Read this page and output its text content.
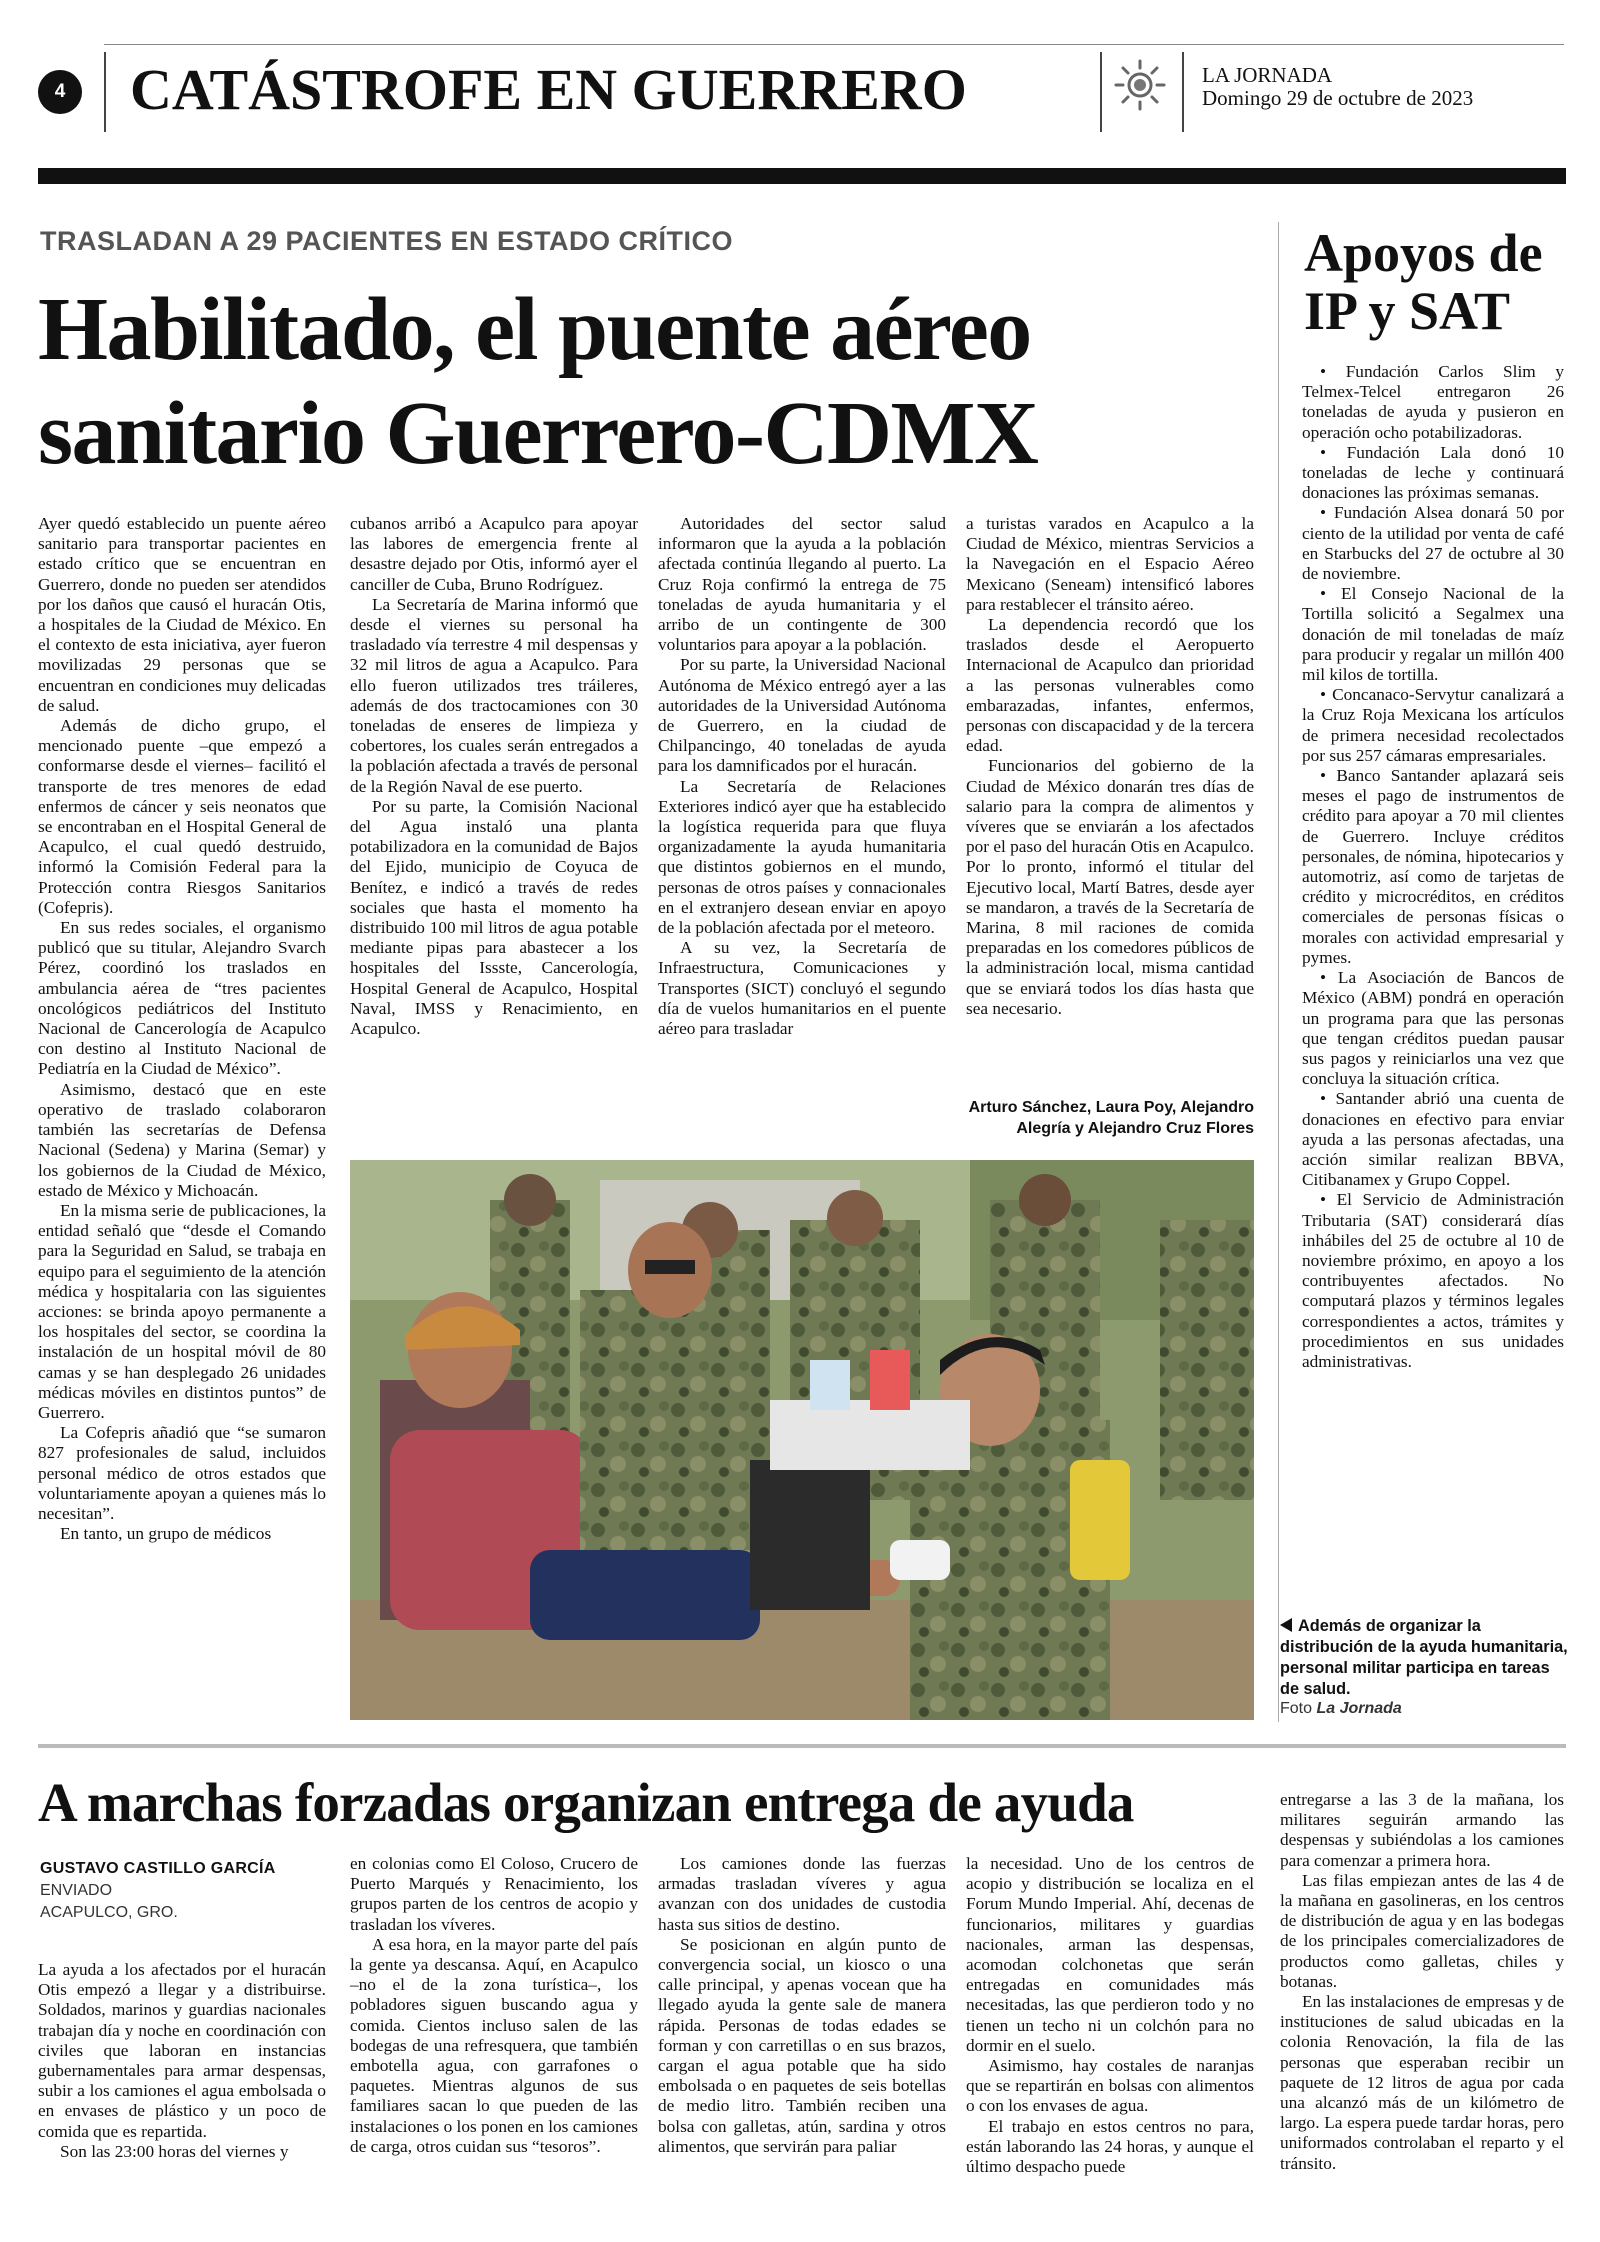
4 CATÁSTROFE EN GUERRERO	LA JORNADA
Domingo 29 de octubre de 2023
TRASLADAN A 29 PACIENTES EN ESTADO CRÍTICO
Habilitado, el puente aéreo sanitario Guerrero-CDMX

Ayer quedó establecido un puente aéreo sanitario para transportar pacientes en estado crítico que se encuentran en Guerrero, donde no pueden ser atendidos por los daños que causó el huracán Otis, a hospitales de la Ciudad de México. En el contexto de esta iniciativa, ayer fueron movilizadas 29 personas que se encuentran en condiciones muy delicadas de salud.

Además de dicho grupo, el mencionado puente –que empezó a conformarse desde el viernes– facilitó el transporte de tres menores de edad enfermos de cáncer y seis neonatos que se encontraban en el Hospital General de Acapulco, el cual quedó destruido, informó la Comisión Federal para la Protección contra Riesgos Sanitarios (Cofepris).

En sus redes sociales, el organismo publicó que su titular, Alejandro Svarch Pérez, coordinó los traslados en ambulancia aérea de “tres pacientes oncológicos pediátricos del Instituto Nacional de Cancerología de Acapulco con destino al Instituto Nacional de Pediatría en la Ciudad de México”.

Asimismo, destacó que en este operativo de traslado colaboraron también las secretarías de Defensa Nacional (Sedena) y Marina (Semar) y los gobiernos de la Ciudad de México, estado de México y Michoacán.

En la misma serie de publicaciones, la entidad señaló que “desde el Comando para la Seguridad en Salud, se trabaja en equipo para el seguimiento de la atención médica y hospitalaria con las siguientes acciones: se brinda apoyo permanente a los hospitales del sector, se coordina la instalación de un hospital móvil de 80 camas y se han desplegado 26 unidades médicas móviles en distintos puntos” de Guerrero.

La Cofepris añadió que “se sumaron 827 profesionales de salud, incluidos personal médico de otros estados que voluntariamente apoyan a quienes más lo necesitan”.

En tanto, un grupo de médicos

cubanos arribó a Acapulco para apoyar las labores de emergencia frente al desastre dejado por Otis, informó ayer el canciller de Cuba, Bruno Rodríguez.

La Secretaría de Marina informó que desde el viernes su personal ha trasladado vía terrestre 4 mil despensas y 32 mil litros de agua a Acapulco. Para ello fueron utilizados tres tráileres, además de dos tractocamiones con 30 toneladas de enseres de limpieza y cobertores, los cuales serán entregados a la población afectada a través de personal de la Región Naval de ese puerto.

Por su parte, la Comisión Nacional del Agua instaló una planta potabilizadora en la comunidad de Bajos del Ejido, municipio de Coyuca de Benítez, e indicó a través de redes sociales que hasta el momento ha distribuido 100 mil litros de agua potable mediante pipas para abastecer a los hospitales del Issste, Cancerología, Hospital General de Acapulco, Hospital Naval, IMSS y Renacimiento, en Acapulco.

Autoridades del sector salud informaron que la ayuda a la población afectada continúa llegando al puerto. La Cruz Roja confirmó la entrega de 75 toneladas de ayuda humanitaria y el arribo de un contingente de 300 voluntarios para apoyar a la población.

Por su parte, la Universidad Nacional Autónoma de México entregó ayer a las autoridades de la Universidad Autónoma de Guerrero, en la ciudad de Chilpancingo, 40 toneladas de ayuda para los damnificados por el huracán.

La Secretaría de Relaciones Exteriores indicó ayer que ha establecido la logística requerida para que fluya organizadamente la ayuda humanitaria que distintos gobiernos en el mundo, personas de otros países y connacionales en el extranjero desean enviar en apoyo de la población afectada por el meteoro.

A su vez, la Secretaría de Infraestructura, Comunicaciones y Transportes (SICT) concluyó el segundo día de vuelos humanitarios en el puente aéreo para trasladar

a turistas varados en Acapulco a la Ciudad de México, mientras Servicios a la Navegación en el Espacio Aéreo Mexicano (Seneam) intensificó labores para restablecer el tránsito aéreo.

La dependencia recordó que los traslados desde el Aeropuerto Internacional de Acapulco dan prioridad a las personas vulnerables como embarazadas, infantes, enfermos, personas con discapacidad y de la tercera edad.

Funcionarios del gobierno de la Ciudad de México donarán tres días de salario para la compra de alimentos y víveres que se enviarán a los afectados por el paso del huracán Otis en Acapulco. Por lo pronto, informó el titular del Ejecutivo local, Martí Batres, desde ayer se mandaron, a través de la Secretaría de Marina, 8 mil raciones de comida preparadas en los comedores públicos de la administración local, misma cantidad que se enviará todos los días hasta que sea necesario.

Arturo Sánchez, Laura Poy, Alejandro Alegría y Alejandro Cruz Flores
Apoyos de IP y SAT
• Fundación Carlos Slim y Telmex-Telcel entregaron 26 toneladas de ayuda y pusieron en operación ocho potabilizadoras.
• Fundación Lala donó 10 toneladas de leche y continuará donaciones las próximas semanas.
• Fundación Alsea donará 50 por ciento de la utilidad por venta de café en Starbucks del 27 de octubre al 30 de noviembre.
• El Consejo Nacional de la Tortilla solicitó a Segalmex una donación de mil toneladas de maíz para producir y regalar un millón 400 mil kilos de tortilla.
• Concanaco-Servytur canalizará a la Cruz Roja Mexicana los artículos de primera necesidad recolectados por sus 257 cámaras empresariales.
• Banco Santander aplazará seis meses el pago de instrumentos de crédito para apoyar a 70 mil clientes de Guerrero. Incluye créditos personales, de nómina, hipotecarios y automotriz, así como de tarjetas de crédito y microcréditos, en créditos comerciales de personas físicas o morales con actividad empresarial y pymes.
• La Asociación de Bancos de México (ABM) pondrá en operación un programa para que las personas que tengan créditos puedan pausar sus pagos y reiniciarlos una vez que concluya la situación crítica.
• Santander abrió una cuenta de donaciones en efectivo para enviar ayuda a las personas afectadas, una acción similar realizan BBVA, Citibanamex y Grupo Coppel.
• El Servicio de Administración Tributaria (SAT) considerará días inhábiles del 25 de octubre al 10 de noviembre próximo, en apoyo a los contribuyentes afectados. No computará plazos y términos legales correspondientes a actos, trámites y procedimientos en sus unidades administrativas.
Además de organizar la distribución de la ayuda humanitaria, personal militar participa en tareas de salud.
Foto La Jornada
A marchas forzadas organizan entrega de ayuda
GUSTAVO CASTILLO GARCÍA
ENVIADO
ACAPULCO, GRO.

La ayuda a los afectados por el huracán Otis empezó a llegar y a distribuirse. Soldados, marinos y guardias nacionales trabajan día y noche en coordinación con civiles que laboran en instancias gubernamentales para armar despensas, subir a los camiones el agua embolsada o en envases de plástico y un poco de comida que es repartida.

Son las 23:00 horas del viernes y

en colonias como El Coloso, Crucero de Puerto Marqués y Renacimiento, los grupos parten de los centros de acopio y trasladan los víveres.

A esa hora, en la mayor parte del país la gente ya descansa. Aquí, en Acapulco –no el de la zona turística–, los pobladores siguen buscando agua y comida. Cientos incluso salen de las bodegas de una refresquera, que también embotella agua, con garrafones o paquetes. Mientras algunos de sus familiares sacan lo que pueden de las instalaciones o los ponen en los camiones de carga, otros cuidan sus “tesoros”.

Los camiones donde las fuerzas armadas trasladan víveres y agua avanzan con dos unidades de custodia hasta sus sitios de destino.

Se posicionan en algún punto de convergencia social, un kiosco o una calle principal, y apenas vocean que ha llegado ayuda la gente sale de manera rápida. Personas de todas edades se forman y con carretillas o en sus brazos, cargan el agua potable que ha sido embolsada o en paquetes de seis botellas de medio litro. También reciben una bolsa con galletas, atún, sardina y otros alimentos, que servirán para paliar

la necesidad. Uno de los centros de acopio y distribución se localiza en el Forum Mundo Imperial. Ahí, decenas de funcionarios, militares y guardias nacionales, arman las despensas, acomodan colchonetas que serán entregadas en comunidades más necesitadas, las que perdieron todo y no tienen un techo ni un colchón para no dormir en el suelo.

Asimismo, hay costales de naranjas que se repartirán en bolsas con alimentos o con los envases de agua.

El trabajo en estos centros no para, están laborando las 24 horas, y aunque el último despacho puede

entregarse a las 3 de la mañana, los militares seguirán armando las despensas y subiéndolas a los camiones para comenzar a primera hora.

Las filas empiezan antes de las 4 de la mañana en gasolineras, en los centros de distribución de agua y en las bodegas de los principales comercializadores de productos como galletas, chiles y botanas.

En las instalaciones de empresas y de instituciones de salud ubicadas en la colonia Renovación, la fila de las personas que esperaban recibir un paquete de 12 litros de agua por cada una alcanzó más de un kilómetro de largo. La espera puede tardar horas, pero uniformados controlaban el reparto y el tránsito.
